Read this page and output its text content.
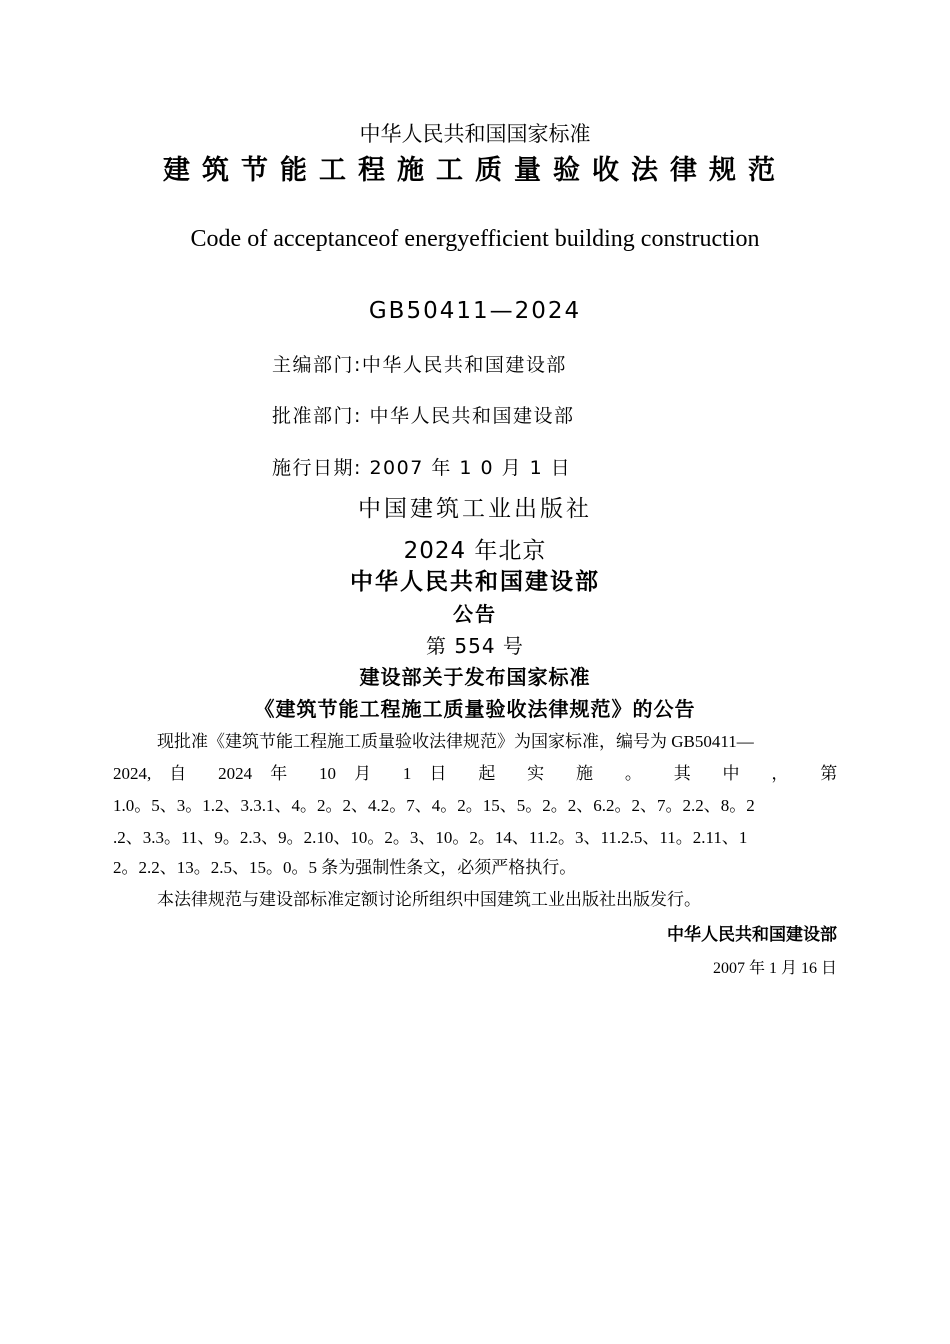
中华人民共和国国家标准
建筑节能工程施工质量验收法律规范
Code of acceptanceof energyefficient building construction
GB50411—2024
主编部门:中华人民共和国建设部
批准部门: 中华人民共和国建设部
施行日期: 2007 年 1 0 月 1 日
中国建筑工业出版社
2024 年北京
中华人民共和国建设部
公告
第 554 号
建设部关于发布国家标准
《建筑节能工程施工质量验收法律规范》的公告
现批准《建筑节能工程施工质量验收法律规范》为国家标准，编号为 GB50411—
2024, 自 2024 年 10 月 1 日 起 实 施 。 其 中 ， 第
1.0。5、3。1.2、3.3.1、4。2。2、4.2。7、4。2。15、5。2。2、6.2。2、7。2.2、8。2
.2、3.3。11、9。2.3、9。2.10、10。2。3、10。2。14、11.2。3、11.2.5、11。2.11、1
2。2.2、13。2.5、15。0。5 条为强制性条文，必须严格执行。
本法律规范与建设部标准定额讨论所组织中国建筑工业出版社出版发行。
中华人民共和国建设部
2007 年 1 月 16 日
